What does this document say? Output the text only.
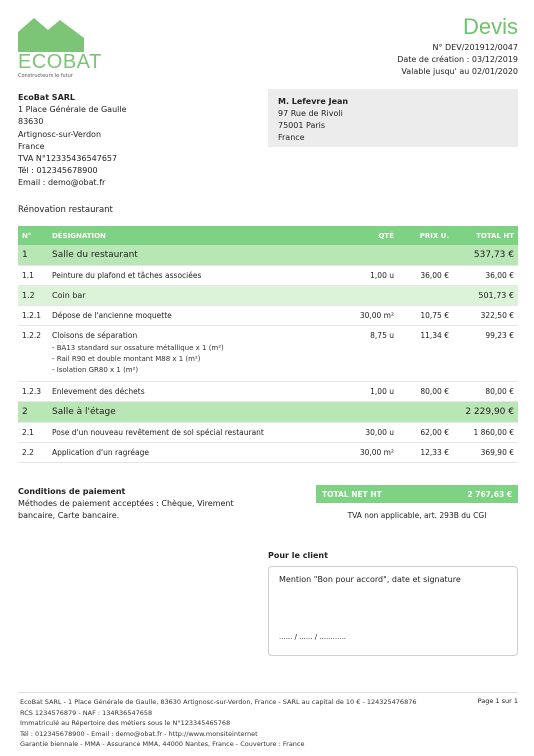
ECOBAT
Constructeurs le futur
Devis
N° DEV/201912/0047
Date de création : 03/12/2019
Valable jusqu' au 02/01/2020
EcoBat SARL
1 Place Générale de Gaulle
83630
Artignosc-sur-Verdon
France
TVA N°12335436547657
Tél : 012345678900
Email : demo@obat.fr
M. Lefevre Jean
97 Rue de Rivoli
75001 Paris
France
Rénovation restaurant
N°	DÉSIGNATION	QTÉ	PRIX U.	TOTAL HT
1	Salle du restaurant			537,73 €
1.1	Peinture du plafond et tâches associées	1,00 u	36,00 €	36,00 €
1.2	Coin bar			501,73 €
1.2.1	Dépose de l'ancienne moquette	30,00 m²	10,75 €	322,50 €
1.2.2	Cloisons de séparation
- BA13 standard sur ossature métallique x 1 (m²)
- Rail R90 et double montant M88 x 1 (m²)
- Isolation GR80 x 1 (m²)	8,75 u	11,34 €	99,23 €
1.2.3	Enlevement des déchets	1,00 u	80,00 €	80,00 €
2	Salle à l'étage			2 229,90 €
2.1	Pose d'un nouveau revêtement de sol spécial restaurant	30,00 u	62,00 €	1 860,00 €
2.2	Application d'un ragréage	30,00 m²	12,33 €	369,90 €
Conditions de paiement
Méthodes de paiement acceptées : Chèque, Virement bancaire, Carte bancaire.
TOTAL NET HT	2 767,63 €
TVA non applicable, art. 293B du CGI
Pour le client
Mention "Bon pour accord", date et signature
...... / ...... / ............
EcoBat SARL - 1 Place Générale de Gaulle, 83630 Artignosc-sur-Verdon, France - SARL au capital de 10 € - 124325476876
RCS 1234576879 - NAF : 134R36547658
Immatriculé au Répertoire des métiers sous le N°123345465768
Tél : 012345678900 - Email : demo@obat.fr - http://www.monsiteinternet
Garantie biennale - MMA - Assurance MMA, 44000 Nantes, France - Couverture : France
Page 1 sur 1
